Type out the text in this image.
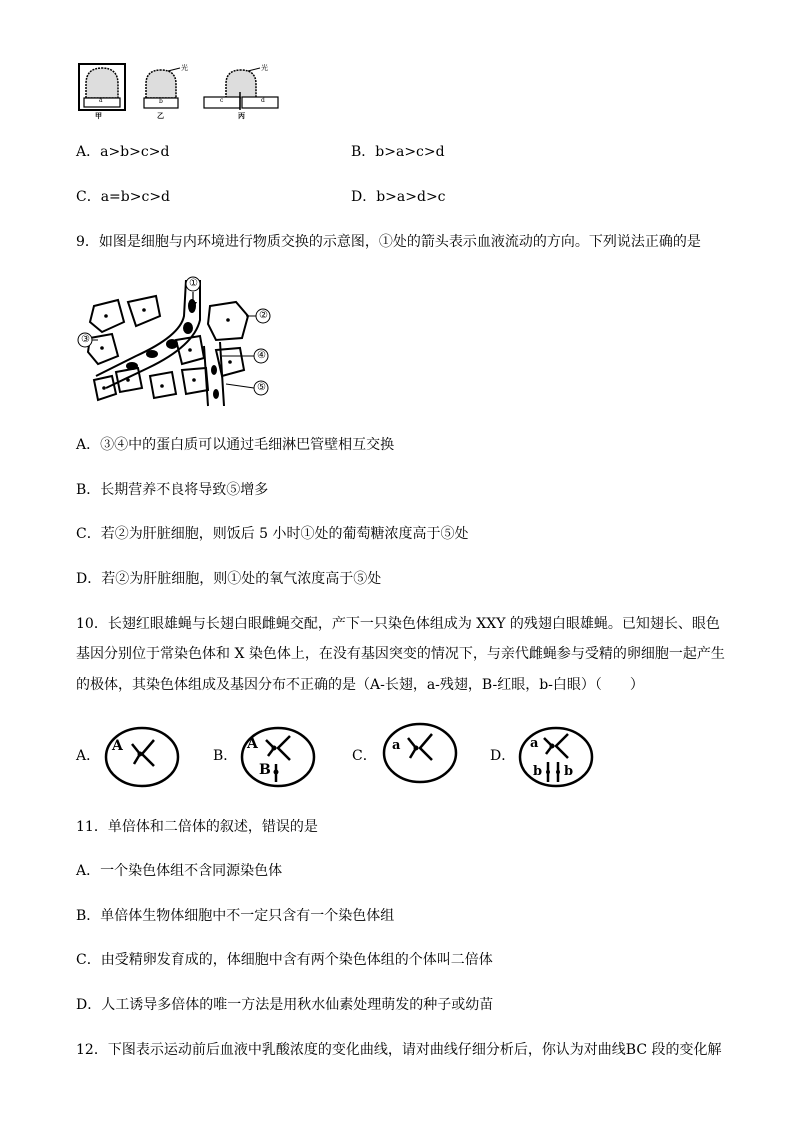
a	b	c	d
光	光
甲	乙	丙
A．a>b>c>d	B．b>a>c>d
C．a=b>c>d	D．b>a>d>c
9．如图是细胞与内环境进行物质交换的示意图，①处的箭头表示血液流动的方向。下列说法正确的是
①
②
③
④
⑤
A．③④中的蛋白质可以通过毛细淋巴管壁相互交换
B．长期营养不良将导致⑤增多
C．若②为肝脏细胞，则饭后 5 小时①处的葡萄糖浓度高于⑤处
D．若②为肝脏细胞，则①处的氧气浓度高于⑤处
10．长翅红眼雄蝇与长翅白眼雌蝇交配，产下一只染色体组成为 XXY 的残翅白眼雄蝇。已知翅长、眼色
基因分别位于常染色体和 X 染色体上，在没有基因突变的情况下，与亲代雌蝇参与受精的卵细胞一起产生
的极体，其染色体组成及基因分布不正确的是（A-长翅，a-残翅，B-红眼，b-白眼）（　　）
A．	B．	C．	D．
A	A
B
a	a
b b
11．单倍体和二倍体的叙述，错误的是
A．一个染色体组不含同源染色体
B．单倍体生物体细胞中不一定只含有一个染色体组
C．由受精卵发育成的，体细胞中含有两个染色体组的个体叫二倍体
D．人工诱导多倍体的唯一方法是用秋水仙素处理萌发的种子或幼苗
12．下图表示运动前后血液中乳酸浓度的变化曲线，请对曲线仔细分析后，你认为对曲线BC 段的变化解
